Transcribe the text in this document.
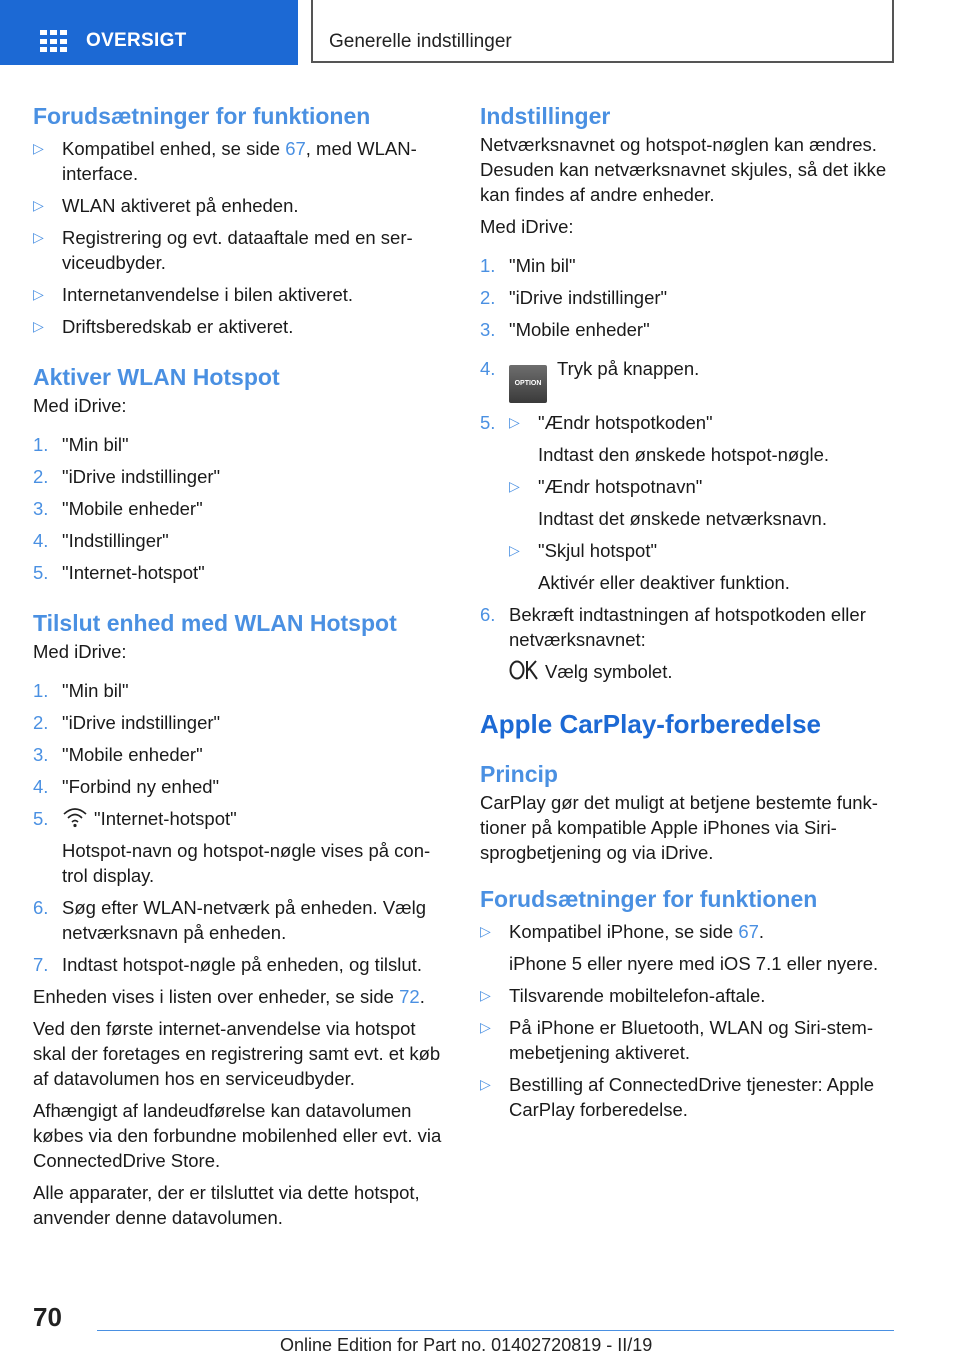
OVERSIGT	Generelle indstillinger
Forudsætninger for funktionen
▷ Kompatibel enhed, se side 67, med WLAN-interface.
▷ WLAN aktiveret på enheden.
▷ Registrering og evt. dataaftale med en ser-viceudbyder.
▷ Internetanvendelse i bilen aktiveret.
▷ Driftsberedskab er aktiveret.
Aktiver WLAN Hotspot

Med iDrive:

1. "Min bil"
2. "iDrive indstillinger"
3. "Mobile enheder"
4. "Indstillinger"
5. "Internet-hotspot"
Tilslut enhed med WLAN Hotspot

Med iDrive:

1. "Min bil"
2. "iDrive indstillinger"
3. "Mobile enheder"
4. "Forbind ny enhed"
5. "Internet-hotspot"
Hotspot-navn og hotspot-nøgle vises på con-trol display.
6. Søg efter WLAN-netværk på enheden. Vælg netværksnavn på enheden.
7. Indtast hotspot-nøgle på enheden, og tilslut.

Enheden vises i listen over enheder, se side 72.

Ved den første internet-anvendelse via hotspot skal der foretages en registrering samt evt. et køb af datavolumen hos en serviceudbyder.

Afhængigt af landeudførelse kan datavolumen købes via den forbundne mobilenhed eller evt. via ConnectedDrive Store.

Alle apparater, der er tilsluttet via dette hotspot, anvender denne datavolumen.

Indstillinger

Netværksnavnet og hotspot-nøglen kan ændres. Desuden kan netværksnavnet skjules, så det ikke kan findes af andre enheder.

Med iDrive:

1. "Min bil"
2. "iDrive indstillinger"
3. "Mobile enheder"
4.
OPTIONTryk på knappen.
5.
▷	"Ændr hotspotkoden"
Indtast den ønskede hotspot-nøgle.
▷ "Ændr hotspotnavn"
Indtast det ønskede netværksnavn.
▷ "Skjul hotspot"
Aktivér eller deaktiver funktion.
6. Bekræft indtastningen af hotspotkoden eller netværksnavnet:
Vælg symbolet.
Apple CarPlay-forberedelse
Princip

CarPlay gør det muligt at betjene bestemte funk-tioner på kompatible Apple iPhones via Siri-sprogbetjening og via iDrive.

Forudsætninger for funktionen
▷ Kompatibel iPhone, se side 67.
iPhone 5 eller nyere med iOS 7.1 eller nyere.
▷ Tilsvarende mobiltelefon-aftale.
▷ På iPhone er Bluetooth, WLAN og Siri-stem-mebetjening aktiveret.
▷ Bestilling af ConnectedDrive tjenester: Apple CarPlay forberedelse.
70
Online Edition for Part no. 01402720819 - II/19
